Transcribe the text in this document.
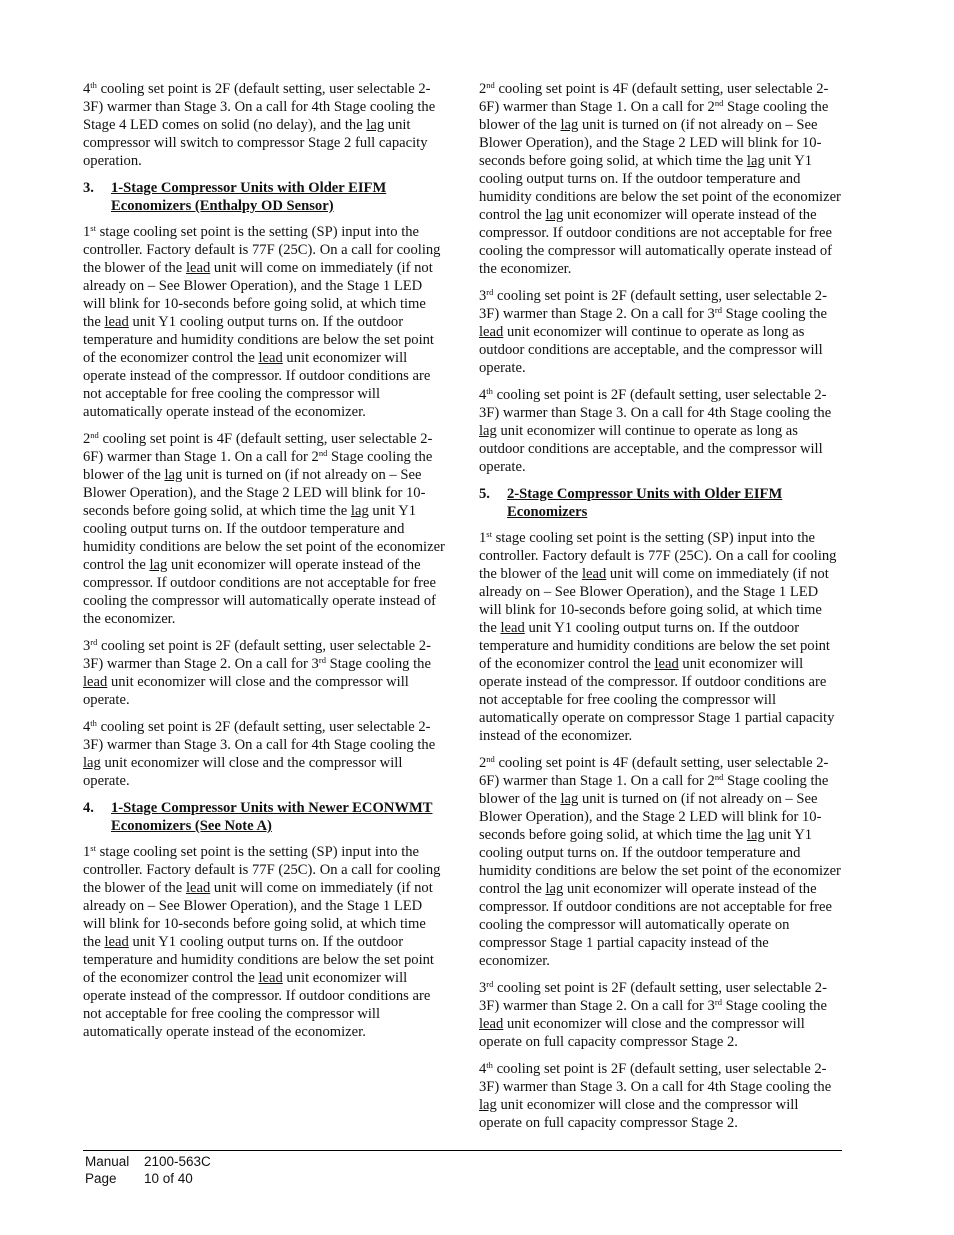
4th cooling set point is 2F (default setting, user selectable 2-3F) warmer than Stage 3. On a call for 4th Stage cooling the Stage 4 LED comes on solid (no delay), and the lag unit compressor will switch to compressor Stage 2 full capacity operation.

3. 1-Stage Compressor Units with Older EIFM Economizers (Enthalpy OD Sensor)

1st stage cooling set point is the setting (SP) input into the controller. Factory default is 77F (25C). On a call for cooling the blower of the lead unit will come on immediately (if not already on – See Blower Operation), and the Stage 1 LED will blink for 10-seconds before going solid, at which time the lead unit Y1 cooling output turns on. If the outdoor temperature and humidity conditions are below the set point of the economizer control the lead unit economizer will operate instead of the compressor. If outdoor conditions are not acceptable for free cooling the compressor will automatically operate instead of the economizer.

2nd cooling set point is 4F (default setting, user selectable 2-6F) warmer than Stage 1. On a call for 2nd Stage cooling the blower of the lag unit is turned on (if not already on – See Blower Operation), and the Stage 2 LED will blink for 10-seconds before going solid, at which time the lag unit Y1 cooling output turns on. If the outdoor temperature and humidity conditions are below the set point of the economizer control the lag unit economizer will operate instead of the compressor. If outdoor conditions are not acceptable for free cooling the compressor will automatically operate instead of the economizer.

3rd cooling set point is 2F (default setting, user selectable 2-3F) warmer than Stage 2. On a call for 3rd Stage cooling the lead unit economizer will close and the compressor will operate.

4th cooling set point is 2F (default setting, user selectable 2-3F) warmer than Stage 3. On a call for 4th Stage cooling the lag unit economizer will close and the compressor will operate.

4. 1-Stage Compressor Units with Newer ECONWMT Economizers (See Note A)

1st stage cooling set point is the setting (SP) input into the controller. Factory default is 77F (25C). On a call for cooling the blower of the lead unit will come on immediately (if not already on – See Blower Operation), and the Stage 1 LED will blink for 10-seconds before going solid, at which time the lead unit Y1 cooling output turns on. If the outdoor temperature and humidity conditions are below the set point of the economizer control the lead unit economizer will operate instead of the compressor. If outdoor conditions are not acceptable for free cooling the compressor will automatically operate instead of the economizer.

2nd cooling set point is 4F (default setting, user selectable 2-6F) warmer than Stage 1. On a call for 2nd Stage cooling the blower of the lag unit is turned on (if not already on – See Blower Operation), and the Stage 2 LED will blink for 10-seconds before going solid, at which time the lag unit Y1 cooling output turns on. If the outdoor temperature and humidity conditions are below the set point of the economizer control the lag unit economizer will operate instead of the compressor. If outdoor conditions are not acceptable for free cooling the compressor will automatically operate instead of the economizer.

3rd cooling set point is 2F (default setting, user selectable 2-3F) warmer than Stage 2. On a call for 3rd Stage cooling the lead unit economizer will continue to operate as long as outdoor conditions are acceptable, and the compressor will operate.

4th cooling set point is 2F (default setting, user selectable 2-3F) warmer than Stage 3. On a call for 4th Stage cooling the lag unit economizer will continue to operate as long as outdoor conditions are acceptable, and the compressor will operate.

5. 2-Stage Compressor Units with Older EIFM Economizers

1st stage cooling set point is the setting (SP) input into the controller. Factory default is 77F (25C). On a call for cooling the blower of the lead unit will come on immediately (if not already on – See Blower Operation), and the Stage 1 LED will blink for 10-seconds before going solid, at which time the lead unit Y1 cooling output turns on. If the outdoor temperature and humidity conditions are below the set point of the economizer control the lead unit economizer will operate instead of the compressor. If outdoor conditions are not acceptable for free cooling the compressor will automatically operate on compressor Stage 1 partial capacity instead of the economizer.

2nd cooling set point is 4F (default setting, user selectable 2-6F) warmer than Stage 1. On a call for 2nd Stage cooling the blower of the lag unit is turned on (if not already on – See Blower Operation), and the Stage 2 LED will blink for 10-seconds before going solid, at which time the lag unit Y1 cooling output turns on. If the outdoor temperature and humidity conditions are below the set point of the economizer control the lag unit economizer will operate instead of the compressor. If outdoor conditions are not acceptable for free cooling the compressor will automatically operate on compressor Stage 1 partial capacity instead of the economizer.

3rd cooling set point is 2F (default setting, user selectable 2-3F) warmer than Stage 2. On a call for 3rd Stage cooling the lead unit economizer will close and the compressor will operate on full capacity compressor Stage 2.

4th cooling set point is 2F (default setting, user selectable 2-3F) warmer than Stage 3. On a call for 4th Stage cooling the lag unit economizer will close and the compressor will operate on full capacity compressor Stage 2.

Manual	2100-563C
Page	10 of 40
